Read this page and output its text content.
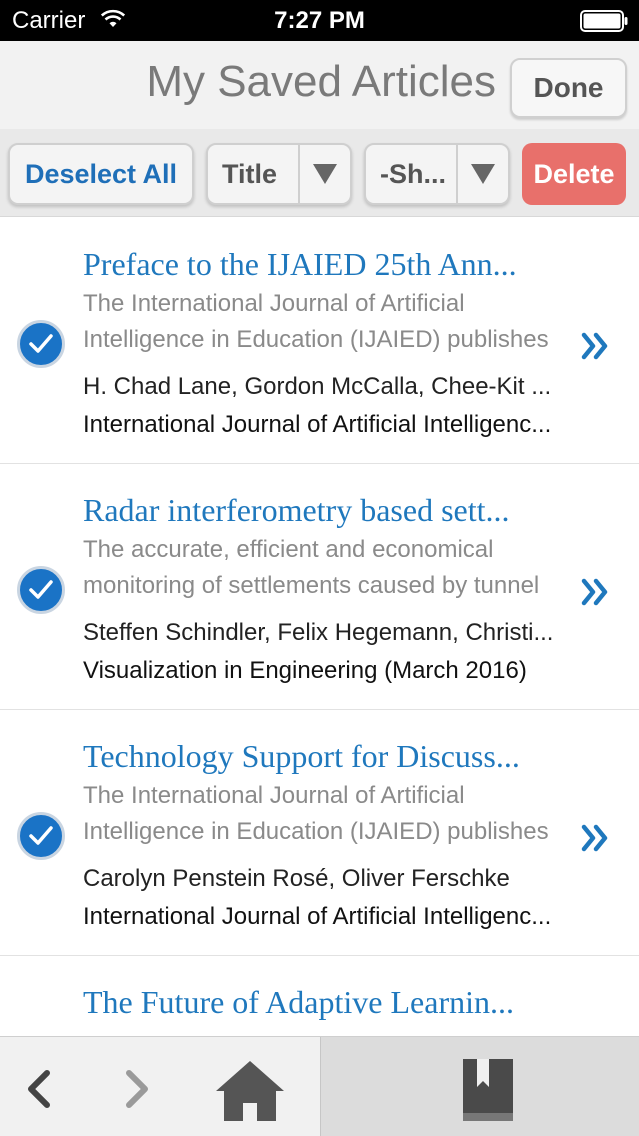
Carrier	7:27 PM
My Saved Articles	Done
Deselect All	Title	-Sh...	Delete
Preface to the IJAIED 25th Ann...
The International Journal of Artificial Intelligence in Education (IJAIED) publishes
H. Chad Lane, Gordon McCalla, Chee-Kit ...
International Journal of Artificial Intelligenc...
Radar interferometry based sett...
The accurate, efficient and economical monitoring of settlements caused by tunnel
Steffen Schindler, Felix Hegemann, Christi...
Visualization in Engineering (March 2016)
Technology Support for Discuss...
The International Journal of Artificial Intelligence in Education (IJAIED) publishes
Carolyn Penstein Rosé, Oliver Ferschke
International Journal of Artificial Intelligenc...
The Future of Adaptive Learnin...
